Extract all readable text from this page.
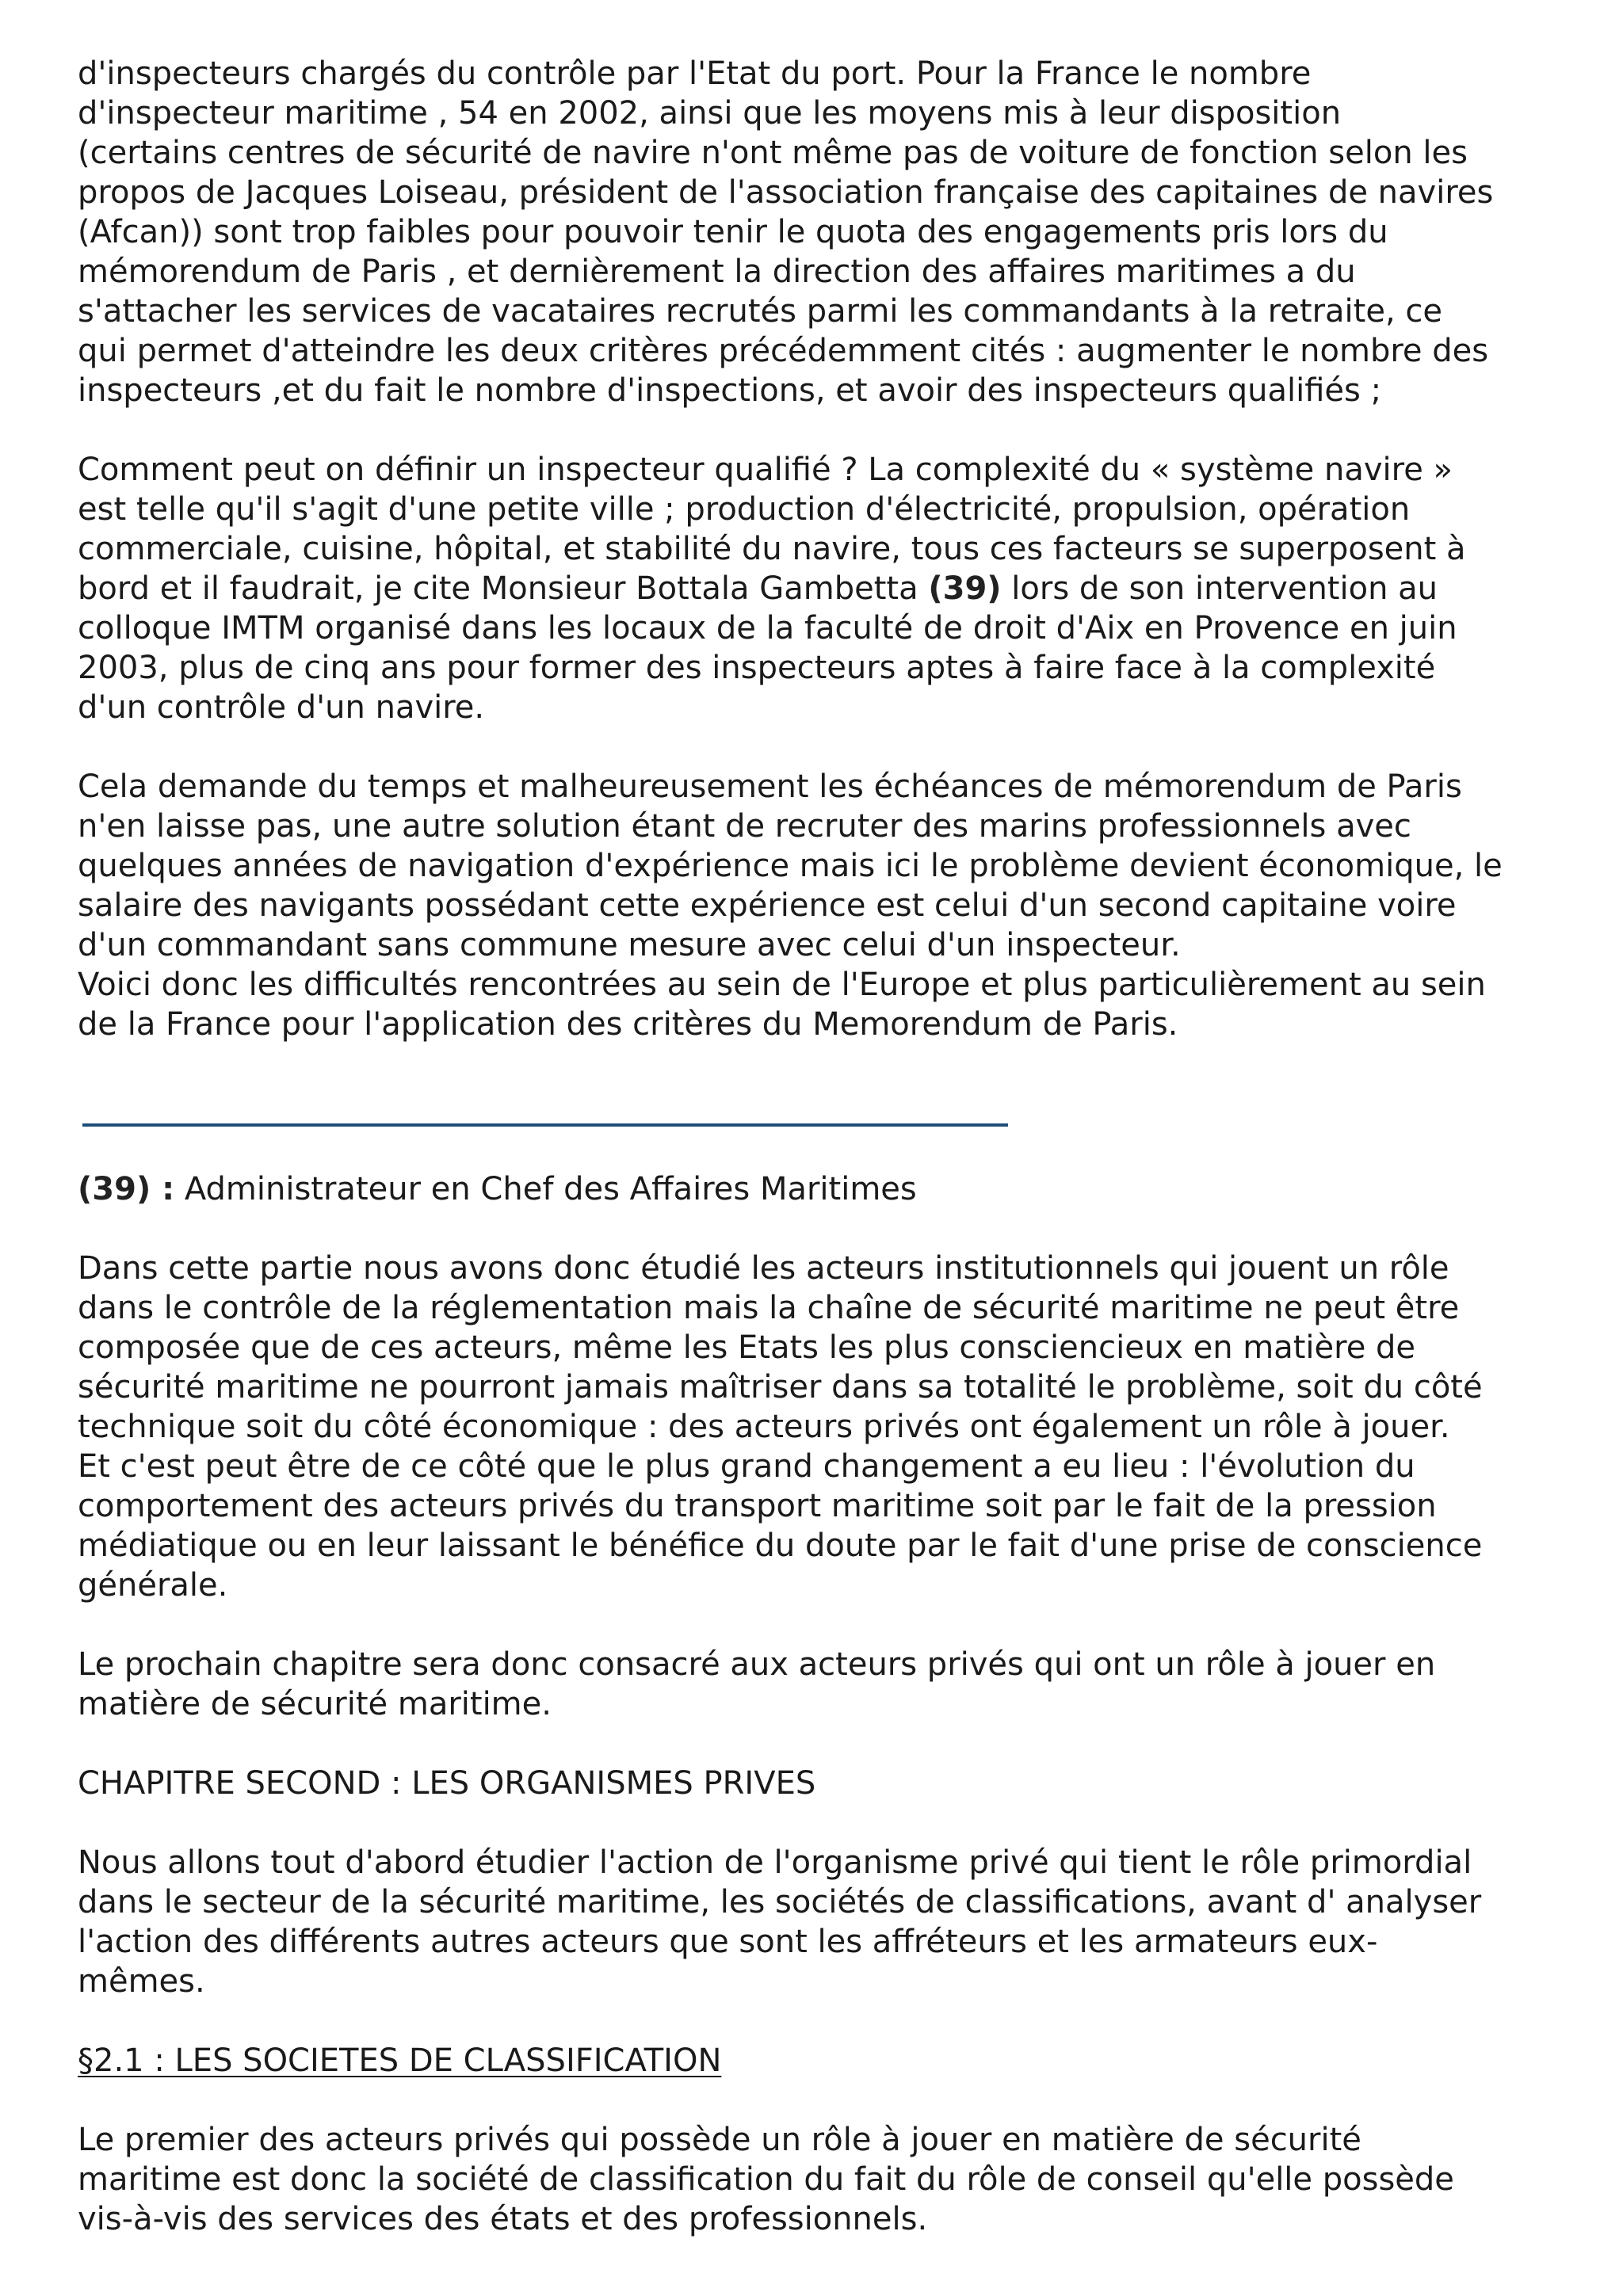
d'inspecteurs chargés du contrôle par l'Etat du port. Pour la France le nombre
d'inspecteur maritime , 54 en 2002, ainsi que les moyens mis à leur disposition
(certains centres de sécurité de navire n'ont même pas de voiture de fonction selon les
propos de Jacques Loiseau, président de l'association française des capitaines de navires
(Afcan)) sont trop faibles pour pouvoir tenir le quota des engagements pris lors du
mémorendum de Paris , et dernièrement la direction des affaires maritimes a du
s'attacher les services de vacataires recrutés parmi les commandants à la retraite, ce
qui permet d'atteindre les deux critères précédemment cités : augmenter le nombre des
inspecteurs ,et du fait le nombre d'inspections, et avoir des inspecteurs qualifiés ;
Comment peut on définir un inspecteur qualifié ? La complexité du « système navire »
est telle qu'il s'agit d'une petite ville ; production d'électricité, propulsion, opération
commerciale, cuisine, hôpital, et stabilité du navire, tous ces facteurs se superposent à
bord et il faudrait, je cite Monsieur Bottala Gambetta (39) lors de son intervention au
colloque IMTM organisé dans les locaux de la faculté de droit d'Aix en Provence en juin
2003, plus de cinq ans pour former des inspecteurs aptes à faire face à la complexité
d'un contrôle d'un navire.
Cela demande du temps et malheureusement les échéances de mémorendum de Paris
n'en laisse pas, une autre solution étant de recruter des marins professionnels avec
quelques années de navigation d'expérience mais ici le problème devient économique, le
salaire des navigants possédant cette expérience est celui d'un second capitaine voire
d'un commandant sans commune mesure avec celui d'un inspecteur.
Voici donc les difficultés rencontrées au sein de l'Europe et plus particulièrement au sein
de la France pour l'application des critères du Memorendum de Paris.
(39) : Administrateur en Chef des Affaires Maritimes
Dans cette partie nous avons donc étudié les acteurs institutionnels qui jouent un rôle
dans le contrôle de la réglementation mais la chaîne de sécurité maritime ne peut être
composée que de ces acteurs, même les Etats les plus consciencieux en matière de
sécurité maritime ne pourront jamais maîtriser dans sa totalité le problème, soit du côté
technique soit du côté économique : des acteurs privés ont également un rôle à jouer.
Et c'est peut être de ce côté que le plus grand changement a eu lieu : l'évolution du
comportement des acteurs privés du transport maritime soit par le fait de la pression
médiatique ou en leur laissant le bénéfice du doute par le fait d'une prise de conscience
générale.
Le prochain chapitre sera donc consacré aux acteurs privés qui ont un rôle à jouer en
matière de sécurité maritime.
CHAPITRE SECOND : LES ORGANISMES PRIVES
Nous allons tout d'abord étudier l'action de l'organisme privé qui tient le rôle primordial
dans le secteur de la sécurité maritime, les sociétés de classifications, avant d' analyser
l'action des différents autres acteurs que sont les affréteurs et les armateurs eux-
mêmes.
§2.1 : LES SOCIETES DE CLASSIFICATION
Le premier des acteurs privés qui possède un rôle à jouer en matière de sécurité
maritime est donc la société de classification du fait du rôle de conseil qu'elle possède
vis-à-vis des services des états et des professionnels.
